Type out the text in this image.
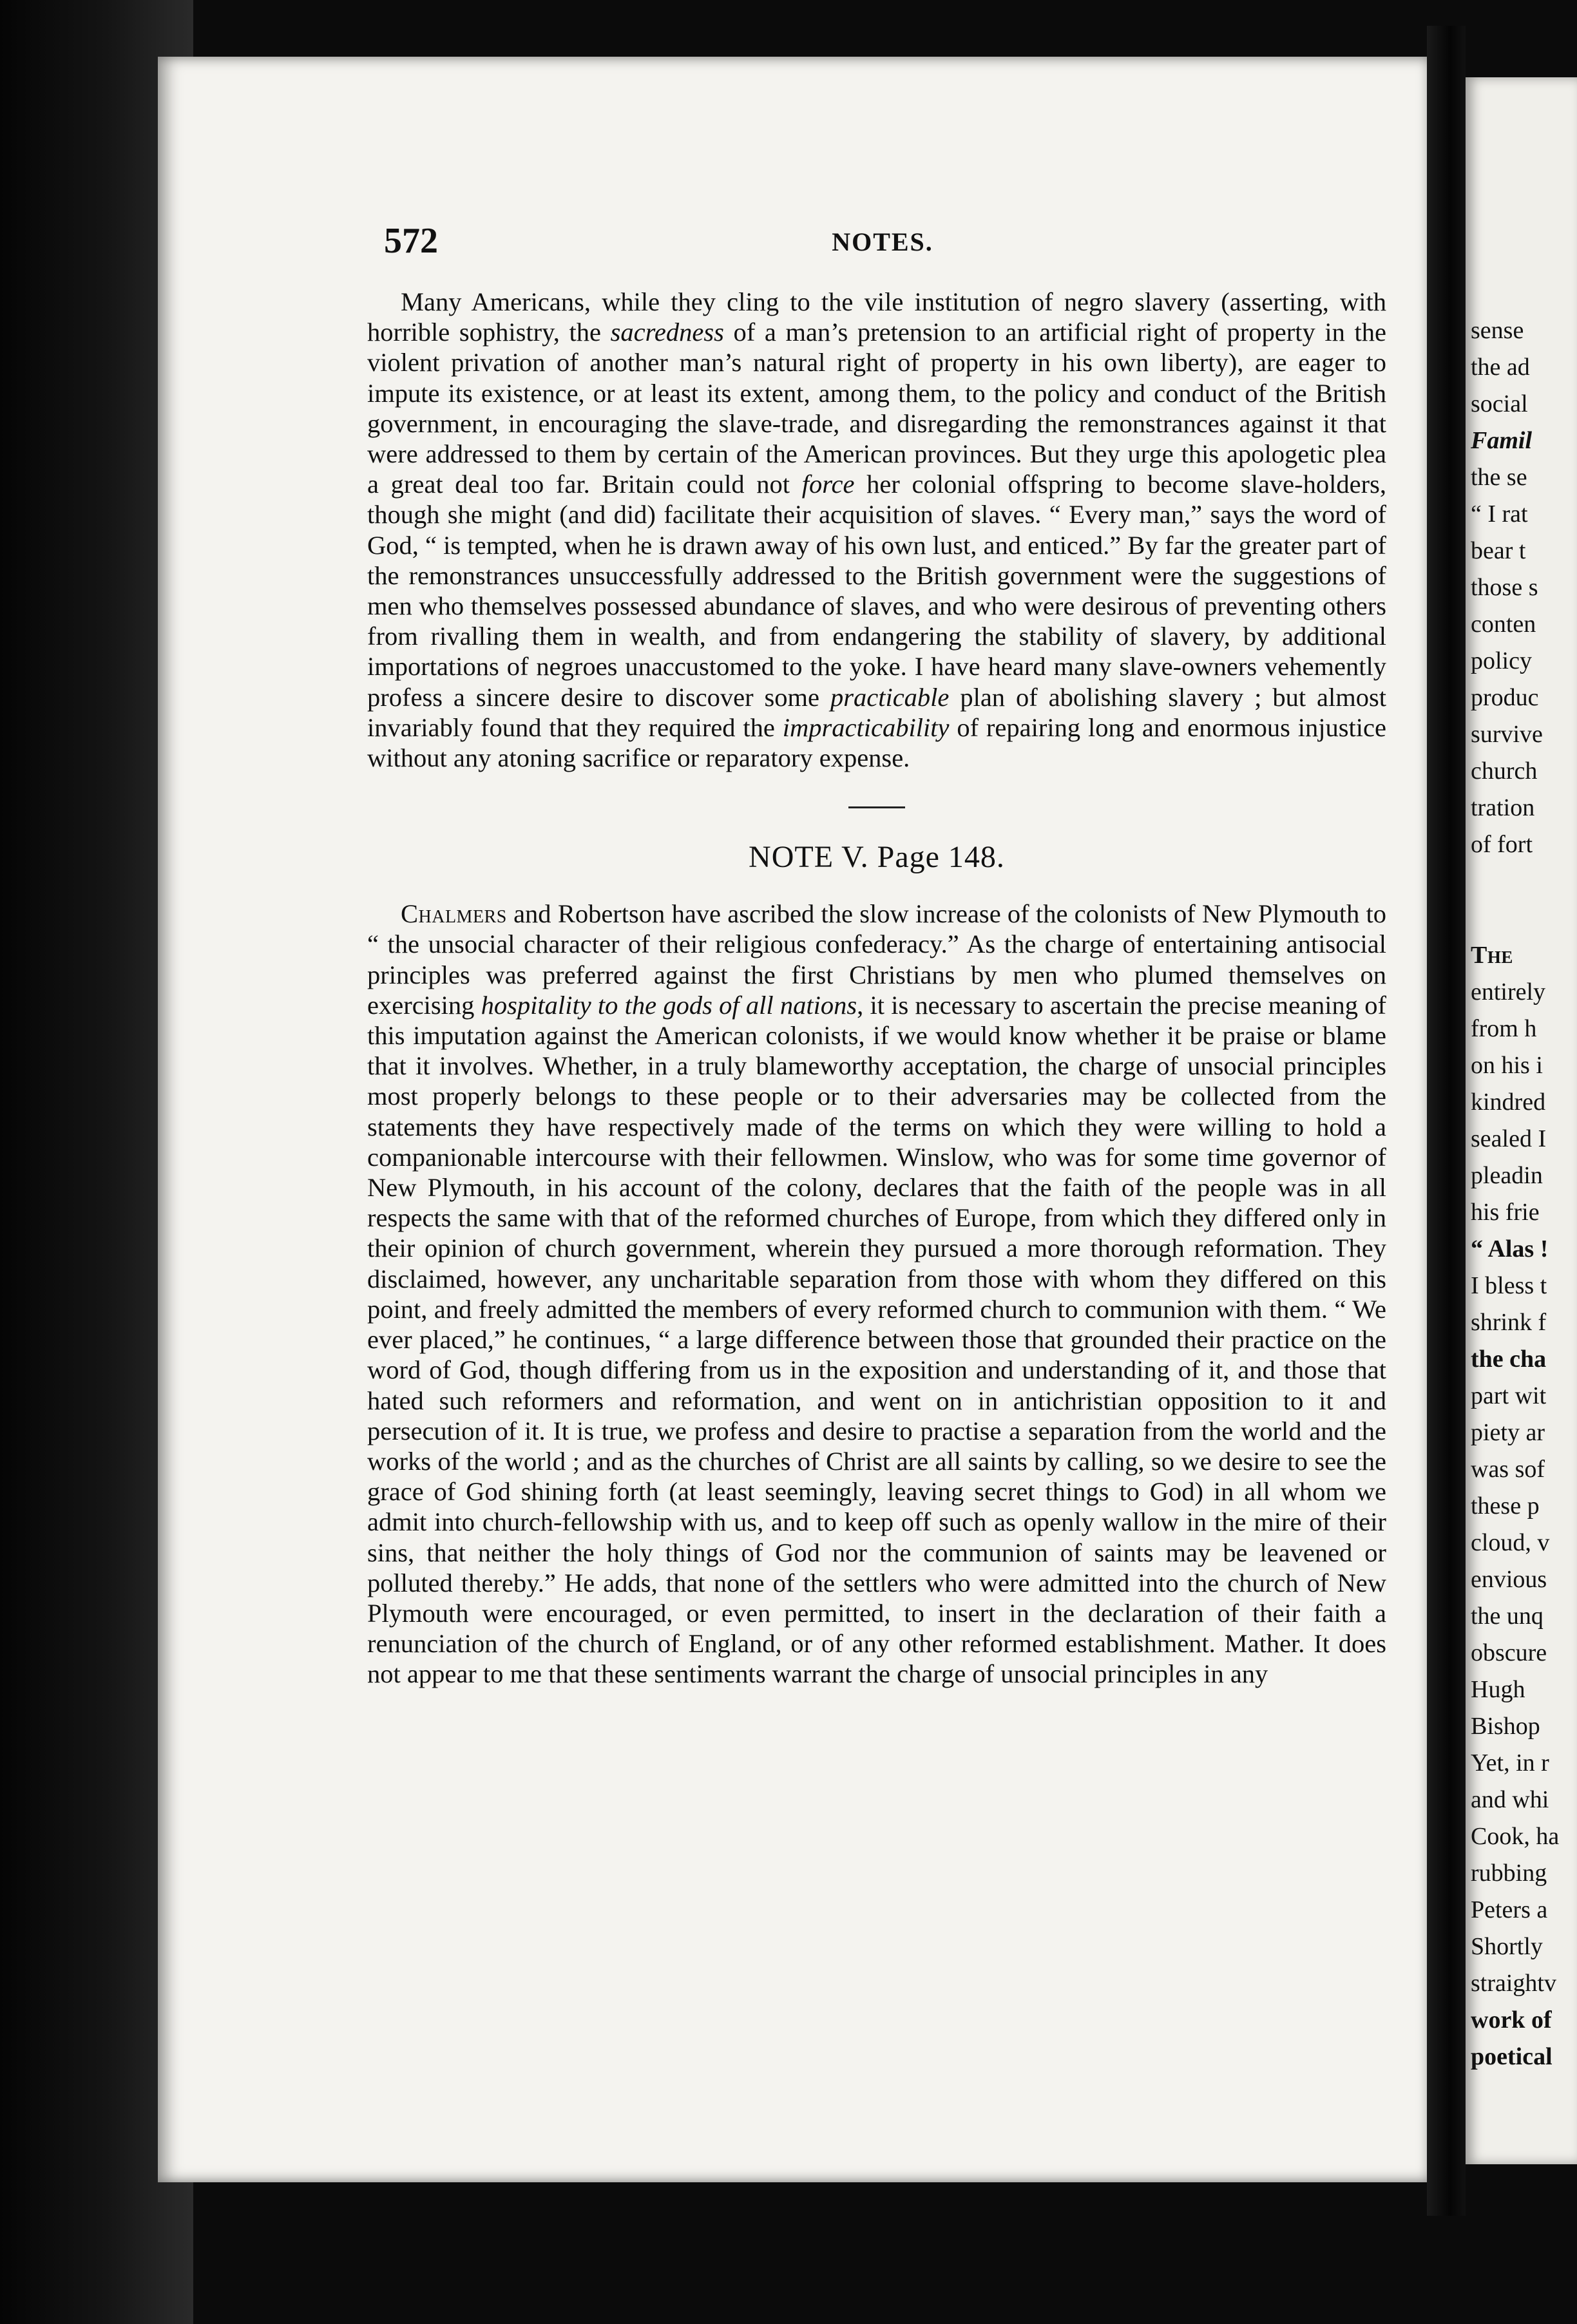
572	NOTES.

Many Americans, while they cling to the vile institution of negro slavery (asserting, with horrible sophistry, the sacredness of a man’s pretension to an artificial right of property in the violent privation of another man’s natural right of property in his own liberty), are eager to impute its existence, or at least its extent, among them, to the policy and conduct of the British government, in encouraging the slave-trade, and disregarding the remonstrances against it that were addressed to them by certain of the American provinces. But they urge this apologetic plea a great deal too far. Britain could not force her colonial offspring to become slave-holders, though she might (and did) facilitate their acquisition of slaves. “ Every man,” says the word of God, “ is tempted, when he is drawn away of his own lust, and enticed.” By far the greater part of the remonstrances unsuccessfully addressed to the British government were the suggestions of men who themselves possessed abundance of slaves, and who were desirous of preventing others from rivalling them in wealth, and from endangering the stability of slavery, by additional importations of negroes unaccustomed to the yoke. I have heard many slave-owners vehemently profess a sincere desire to discover some practicable plan of abolishing slavery ; but almost invariably found that they required the impracticability of repairing long and enormous injustice without any atoning sacrifice or reparatory expense.

NOTE V. Page 148.

Chalmers and Robertson have ascribed the slow increase of the colonists of New Plymouth to “ the unsocial character of their religious confederacy.” As the charge of entertaining antisocial principles was preferred against the first Christians by men who plumed themselves on exercising hospitality to the gods of all nations, it is necessary to ascertain the precise meaning of this imputation against the American colonists, if we would know whether it be praise or blame that it involves. Whether, in a truly blameworthy acceptation, the charge of unsocial principles most properly belongs to these people or to their adversaries may be collected from the statements they have respectively made of the terms on which they were willing to hold a companionable intercourse with their fellowmen. Winslow, who was for some time governor of New Plymouth, in his account of the colony, declares that the faith of the people was in all respects the same with that of the reformed churches of Europe, from which they differed only in their opinion of church government, wherein they pursued a more thorough reformation. They disclaimed, however, any uncharitable separation from those with whom they differed on this point, and freely admitted the members of every reformed church to communion with them. “ We ever placed,” he continues, “ a large difference between those that grounded their practice on the word of God, though differing from us in the exposition and understanding of it, and those that hated such reformers and reformation, and went on in antichristian opposition to it and persecution of it. It is true, we profess and desire to practise a separation from the world and the works of the world ; and as the churches of Christ are all saints by calling, so we desire to see the grace of God shining forth (at least seemingly, leaving secret things to God) in all whom we admit into church-fellowship with us, and to keep off such as openly wallow in the mire of their sins, that neither the holy things of God nor the communion of saints may be leavened or polluted thereby.” He adds, that none of the settlers who were admitted into the church of New Plymouth were encouraged, or even permitted, to insert in the declaration of their faith a renunciation of the church of England, or of any other reformed establishment. Mather. It does not appear to me that these sentiments warrant the charge of unsocial principles in any

sense
the ad
social
Famil
the se
“ I rat
bear t
those s
conten
policy
produc
survive
church
tration
of fort
The
entirely
from h
on his i
kindred
sealed I
pleadin
his frie
“ Alas !
I bless t
shrink f
the cha
part wit
piety ar
was sof
these p
cloud, v
envious
the unq
obscure
Hugh
Bishop
Yet, in r
and whi
Cook, ha
rubbing
Peters a
Shortly
straightv
work of
poetical
